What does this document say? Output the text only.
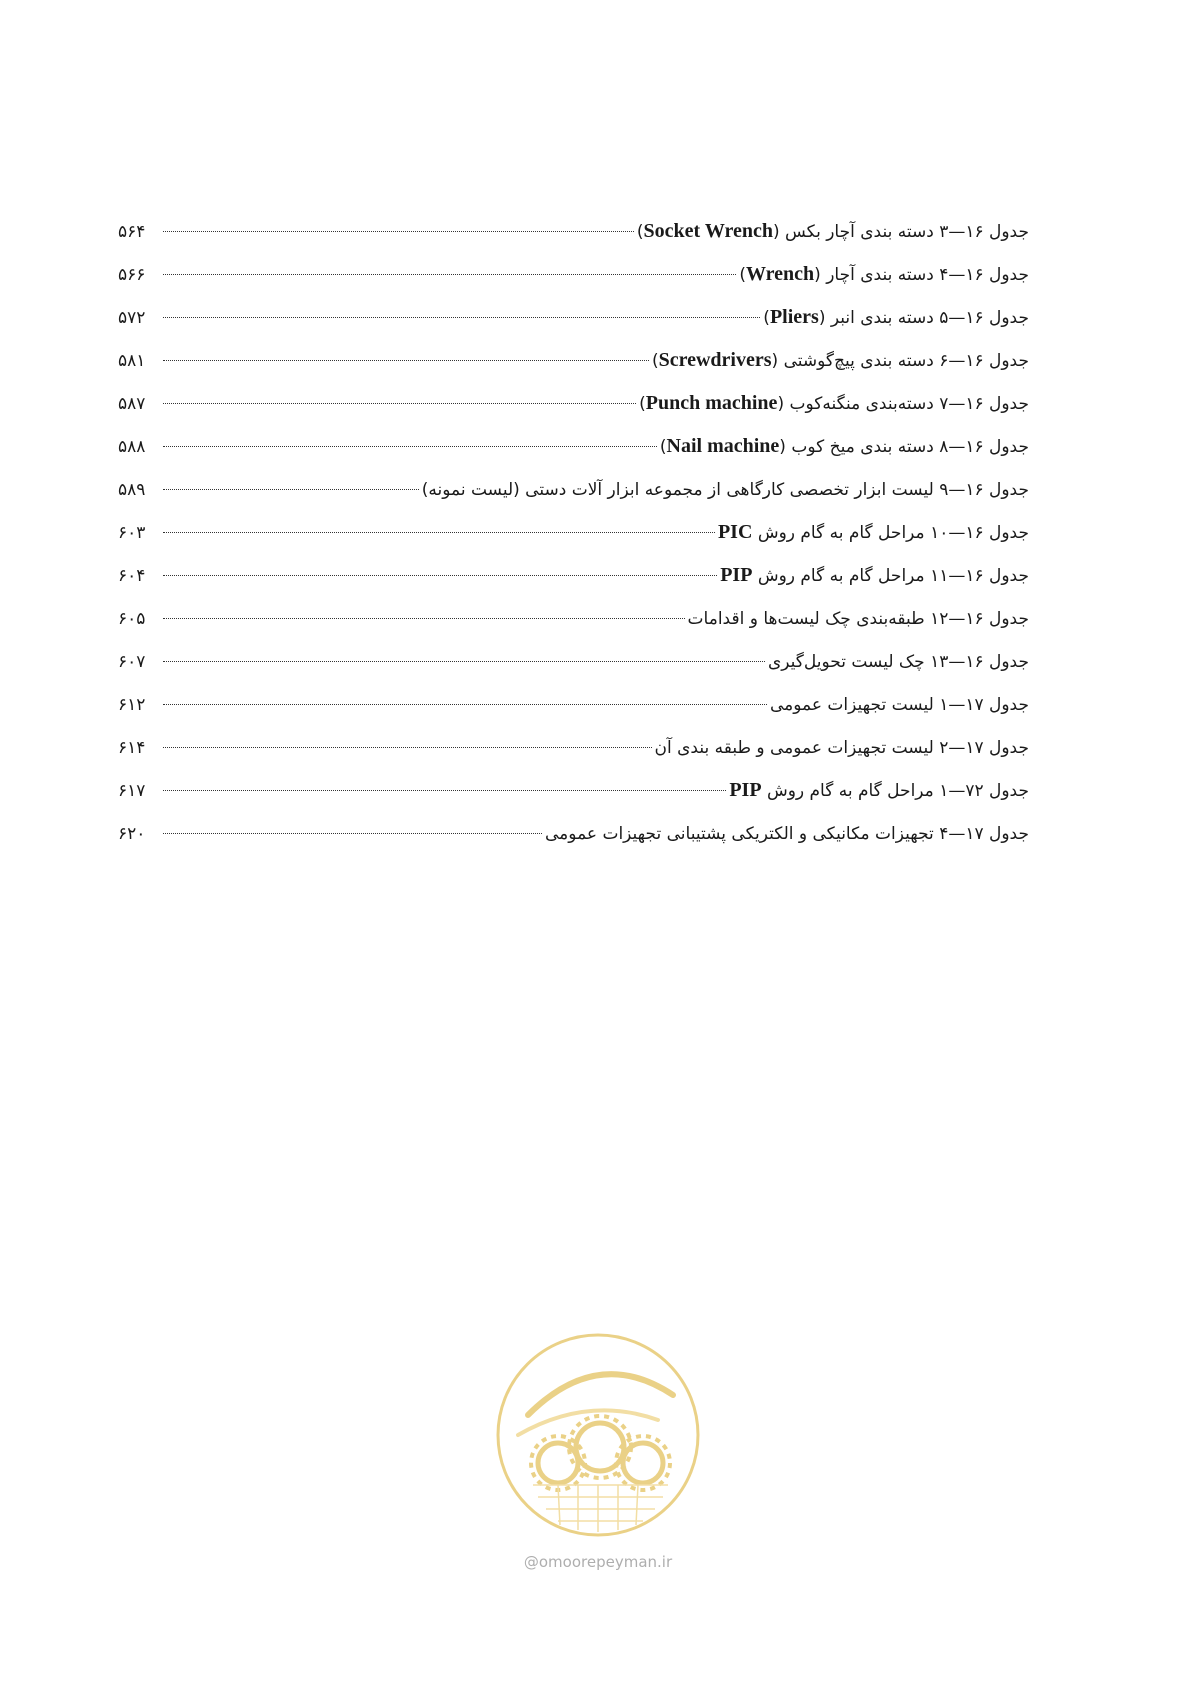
جدول ۱۶—۳ دسته بندی آچار بکس (Socket Wrench)
۵۶۴
جدول ۱۶—۴ دسته بندی آچار (Wrench)
۵۶۶
جدول ۱۶—۵ دسته بندی انبر (Pliers)
۵۷۲
جدول ۱۶—۶ دسته بندی پیچ‌گوشتی (Screwdrivers)
۵۸۱
جدول ۱۶—۷ دسته‌بندی منگنه‌کوب (Punch machine)
۵۸۷
جدول ۱۶—۸ دسته بندی میخ کوب (Nail machine)
۵۸۸
جدول ۱۶—۹ لیست ابزار تخصصی کارگاهی از مجموعه ابزار آلات دستی (لیست نمونه)
۵۸۹
جدول ۱۶—۱۰ مراحل گام به گام روش PIC
۶۰۳
جدول ۱۶—۱۱ مراحل گام به گام روش PIP
۶۰۴
جدول ۱۶—۱۲ طبقه‌بندی چک لیست‌ها و اقدامات
۶۰۵
جدول ۱۶—۱۳ چک لیست تحویل‌گیری
۶۰۷
جدول ۱۷—۱ لیست تجهیزات عمومی
۶۱۲
جدول ۱۷—۲ لیست تجهیزات عمومی و طبقه بندی آن
۶۱۴
جدول ۷۲—۱ مراحل گام به گام روش PIP
۶۱۷
جدول ۱۷—۴ تجهیزات مکانیکی و الکتریکی پشتیبانی تجهیزات عمومی
۶۲۰
@omoorepeyman.ir
